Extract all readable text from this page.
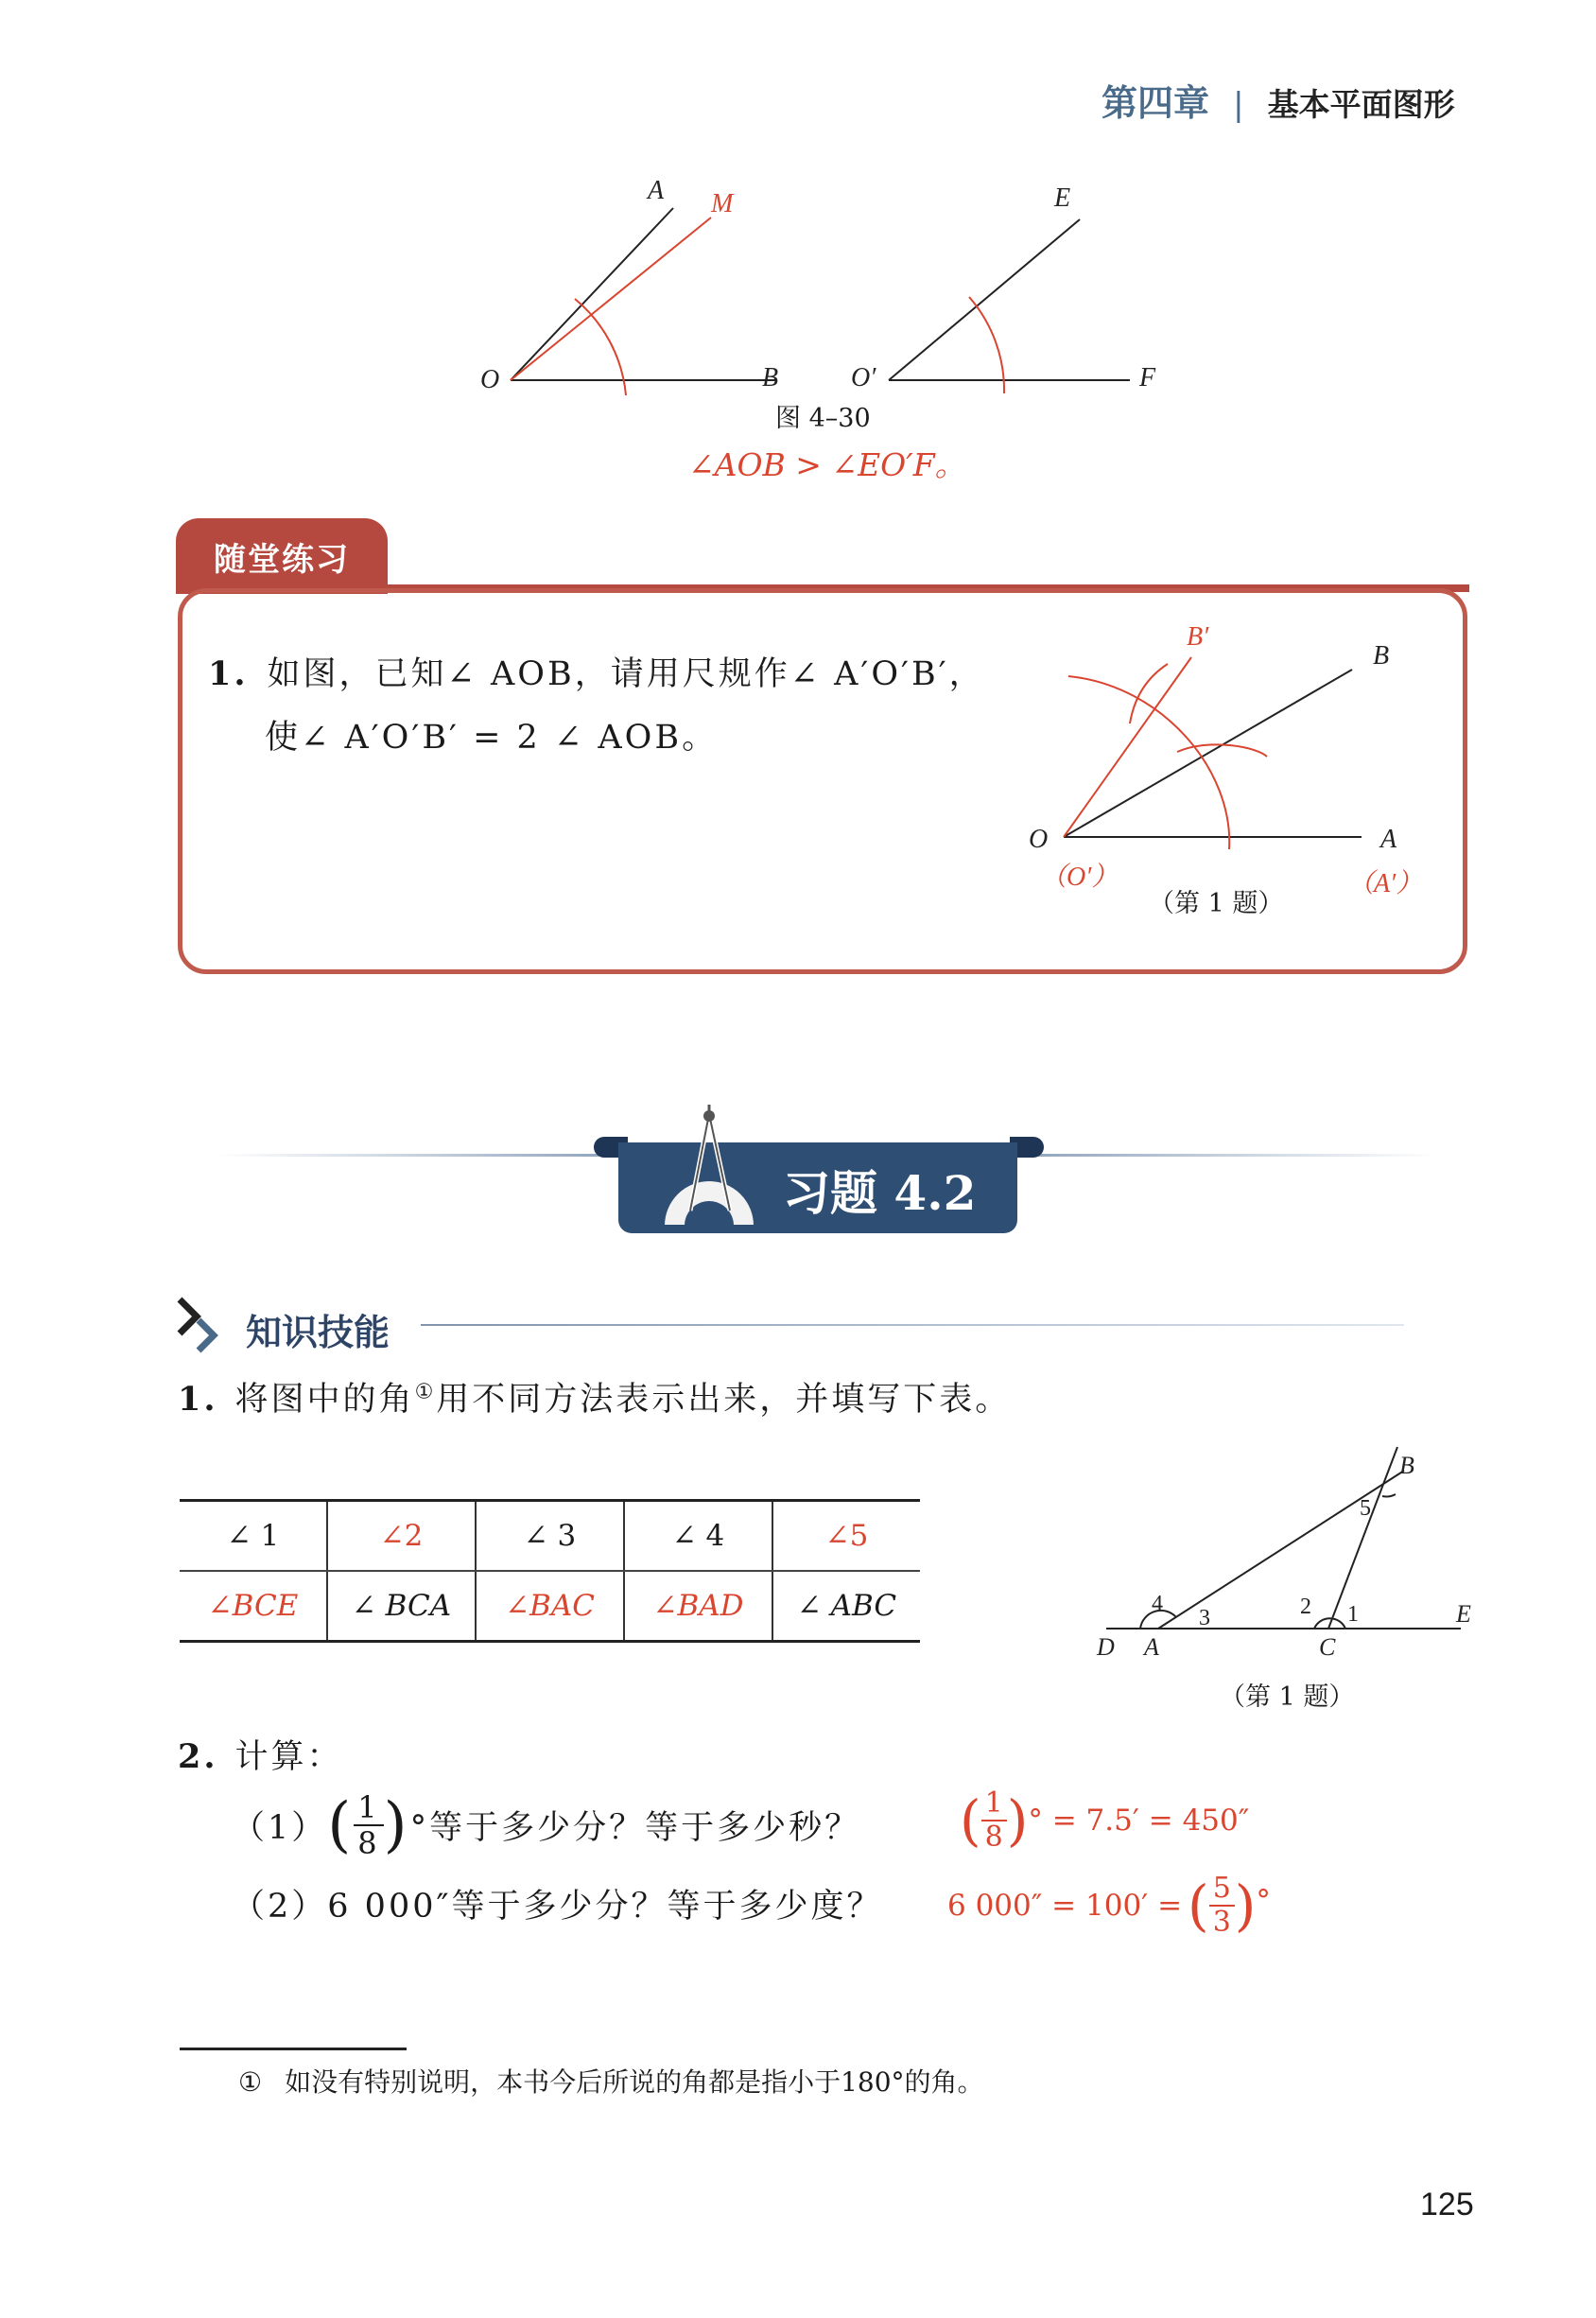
第四章 | 基本平面图形
A M
O	B
E
O′	F
图 4–30
∠AOB > ∠EO′F。
随堂练习
1. 如图，已知∠ AOB，请用尺规作∠ A′O′B′，
使∠ A′O′B′ = 2 ∠ AOB。
B′
B
O	A
（O′）	（A′）
（第 1 题）
习题 4.2
知识技能
1. 将图中的角①用不同方法表示出来，并填写下表。
∠ 1	∠2	∠ 3	∠ 4	∠5
∠BCE	∠ BCA	∠BAC	∠BAD	∠ ABC
B
5
4
3	2 1
D A	C
E
（第 1 题）
2. 计算：
（1） ( $\frac{1}{8}$ ) °等于多少分？等于多少秒？ ( $\frac{1}{8}$ ) ° = 7.5′ = 450″
（2）6 000″等于多少分？等于多少度？ 6 000″ = 100′ = ( $\frac{5}{3}$ ) °
① 如没有特别说明，本书今后所说的角都是指小于180°的角。
125
